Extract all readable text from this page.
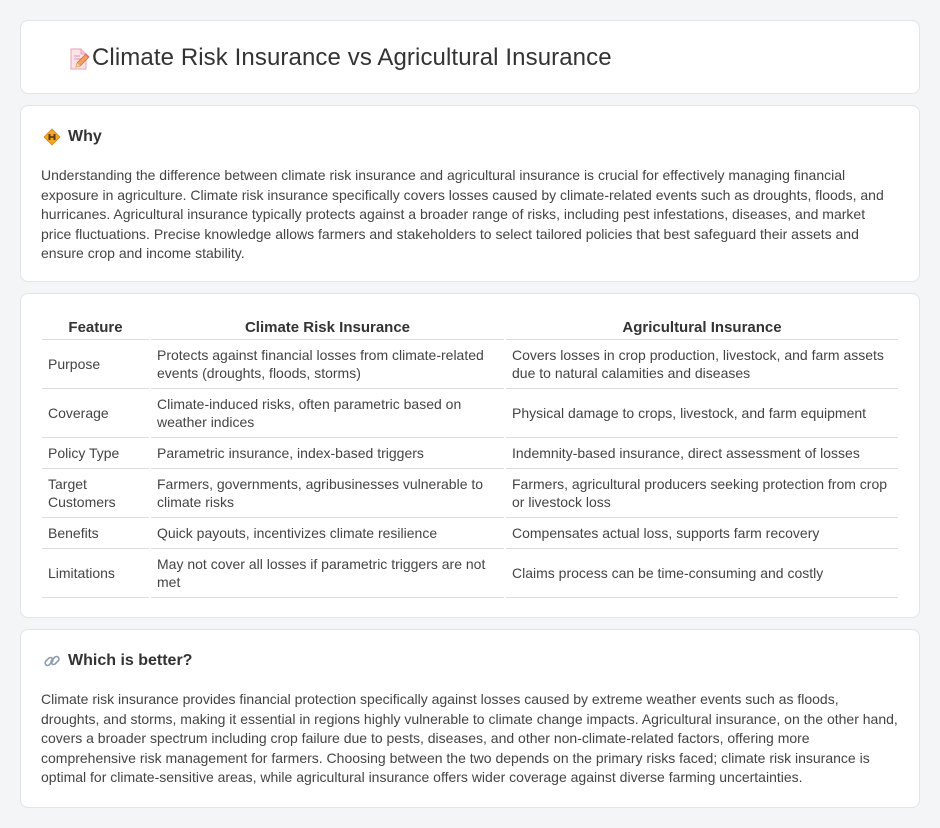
Climate Risk Insurance vs Agricultural Insurance
Why

Understanding the difference between climate risk insurance and agricultural insurance is crucial for effectively managing financial exposure in agriculture. Climate risk insurance specifically covers losses caused by climate-related events such as droughts, floods, and hurricanes. Agricultural insurance typically protects against a broader range of risks, including pest infestations, diseases, and market price fluctuations. Precise knowledge allows farmers and stakeholders to select tailored policies that best safeguard their assets and ensure crop and income stability.

Feature	Climate Risk Insurance	Agricultural Insurance
Purpose	Protects against financial losses from climate-related events (droughts, floods, storms)	Covers losses in crop production, livestock, and farm assets due to natural calamities and diseases
Coverage	Climate-induced risks, often parametric based on weather indices	Physical damage to crops, livestock, and farm equipment
Policy Type	Parametric insurance, index-based triggers	Indemnity-based insurance, direct assessment of losses
Target Customers	Farmers, governments, agribusinesses vulnerable to climate risks	Farmers, agricultural producers seeking protection from crop or livestock loss
Benefits	Quick payouts, incentivizes climate resilience	Compensates actual loss, supports farm recovery
Limitations	May not cover all losses if parametric triggers are not met	Claims process can be time-consuming and costly
Which is better?

Climate risk insurance provides financial protection specifically against losses caused by extreme weather events such as floods, droughts, and storms, making it essential in regions highly vulnerable to climate change impacts. Agricultural insurance, on the other hand, covers a broader spectrum including crop failure due to pests, diseases, and other non-climate-related factors, offering more comprehensive risk management for farmers. Choosing between the two depends on the primary risks faced; climate risk insurance is optimal for climate-sensitive areas, while agricultural insurance offers wider coverage against diverse farming uncertainties.
